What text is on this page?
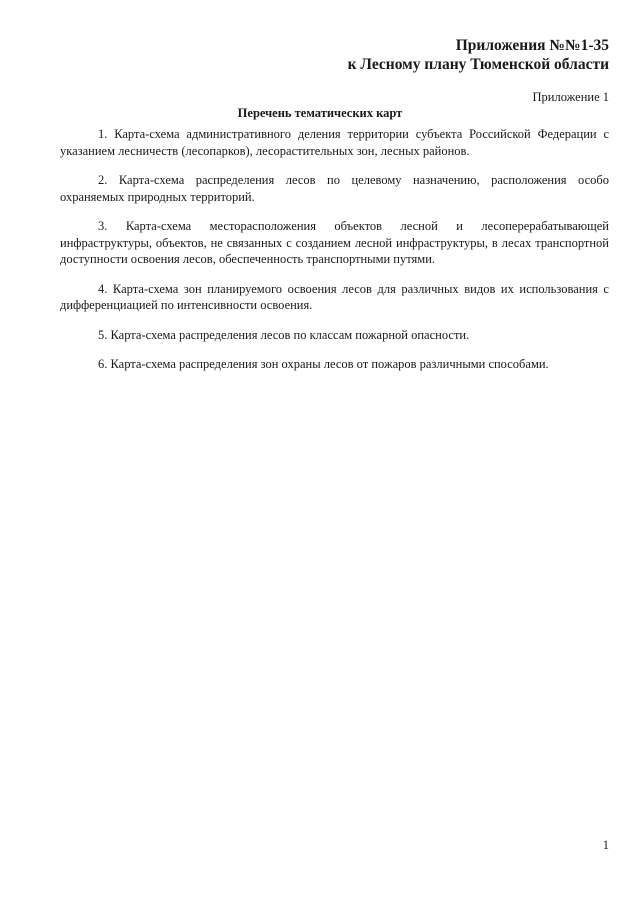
Приложения №№1-35
к Лесному плану Тюменской области
Приложение 1
Перечень тематических карт

1. Карта-схема административного деления территории субъекта Российской Федерации с указанием лесничеств (лесопарков), лесорастительных зон, лесных районов.

2. Карта-схема распределения лесов по целевому назначению, расположения особо охраняемых природных территорий.

3. Карта-схема месторасположения объектов лесной и лесоперерабатывающей инфраструктуры, объектов, не связанных с созданием лесной инфраструктуры, в лесах транспортной доступности освоения лесов, обеспеченность транспортными путями.

4. Карта-схема зон планируемого освоения лесов для различных видов их использования с дифференциацией по интенсивности освоения.

5. Карта-схема распределения лесов по классам пожарной опасности.

6. Карта-схема распределения зон охраны лесов от пожаров различными способами.

1
